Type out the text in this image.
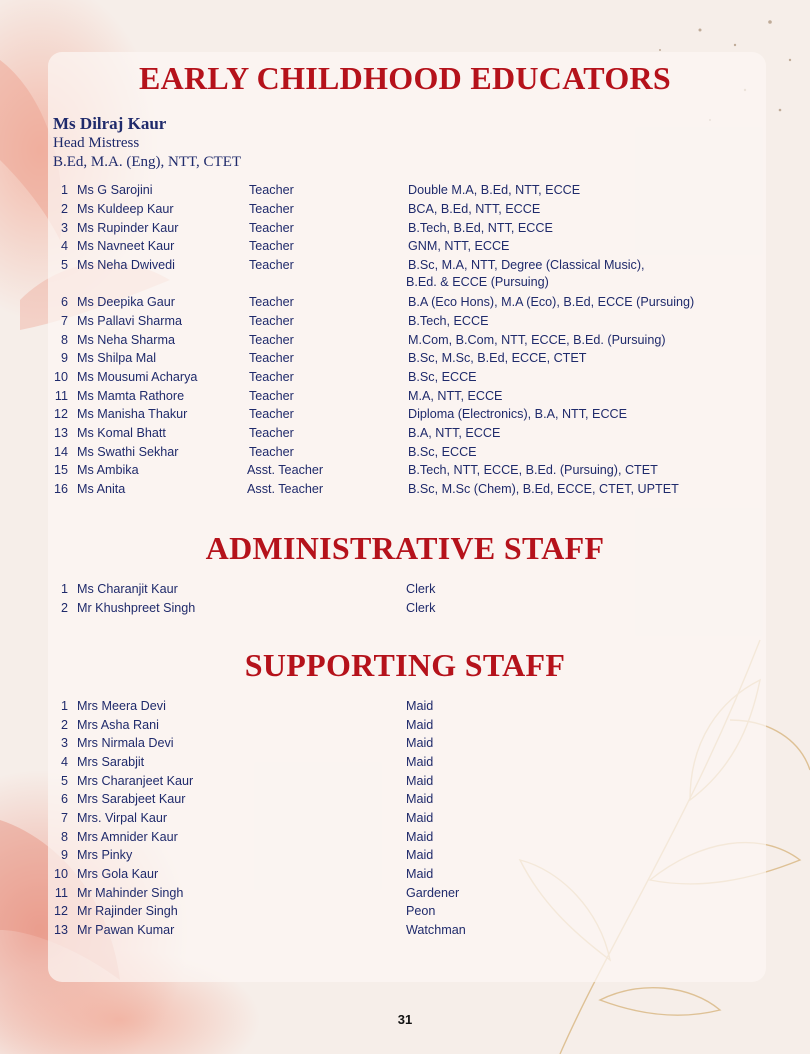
EARLY CHILDHOOD EDUCATORS

Ms Dilraj Kaur

Head Mistress

B.Ed, M.A. (Eng), NTT, CTET

1 Ms G Sarojini	Teacher	Double M.A, B.Ed, NTT, ECCE
2 Ms Kuldeep Kaur	Teacher	BCA, B.Ed, NTT, ECCE
3 Ms Rupinder Kaur	Teacher	B.Tech, B.Ed, NTT, ECCE
4 Ms Navneet Kaur	Teacher	GNM, NTT, ECCE
5 Ms Neha Dwivedi	Teacher	B.Sc, M.A, NTT, Degree (Classical Music),
B.Ed. & ECCE (Pursuing)
6 Ms Deepika Gaur	Teacher	B.A (Eco Hons), M.A (Eco), B.Ed, ECCE (Pursuing)
7 Ms Pallavi Sharma	Teacher	B.Tech, ECCE
8 Ms Neha Sharma	Teacher	M.Com, B.Com, NTT, ECCE, B.Ed. (Pursuing)
9 Ms Shilpa Mal	Teacher	B.Sc, M.Sc, B.Ed, ECCE, CTET
10 Ms Mousumi Acharya	Teacher	B.Sc, ECCE
11 Ms Mamta Rathore	Teacher	M.A, NTT, ECCE
12 Ms Manisha Thakur	Teacher	Diploma (Electronics), B.A, NTT, ECCE
13 Ms Komal Bhatt	Teacher	B.A, NTT, ECCE
14 Ms Swathi Sekhar	Teacher	B.Sc, ECCE
15 Ms Ambika	Asst. Teacher	B.Tech, NTT, ECCE, B.Ed. (Pursuing), CTET
16 Ms Anita	Asst. Teacher	B.Sc, M.Sc (Chem), B.Ed, ECCE, CTET, UPTET
ADMINISTRATIVE STAFF
1 Ms Charanjit Kaur	Clerk
2 Mr Khushpreet Singh	Clerk
SUPPORTING STAFF
1 Mrs Meera Devi	Maid
2 Mrs Asha Rani	Maid
3 Mrs Nirmala Devi	Maid
4 Mrs Sarabjit	Maid
5 Mrs Charanjeet Kaur	Maid
6 Mrs Sarabjeet Kaur	Maid
7 Mrs. Virpal Kaur	Maid
8 Mrs Amnider Kaur	Maid
9 Mrs Pinky	Maid
10 Mrs Gola Kaur	Maid
11 Mr Mahinder Singh	Gardener
12 Mr Rajinder Singh	Peon
13 Mr Pawan Kumar	Watchman
31
